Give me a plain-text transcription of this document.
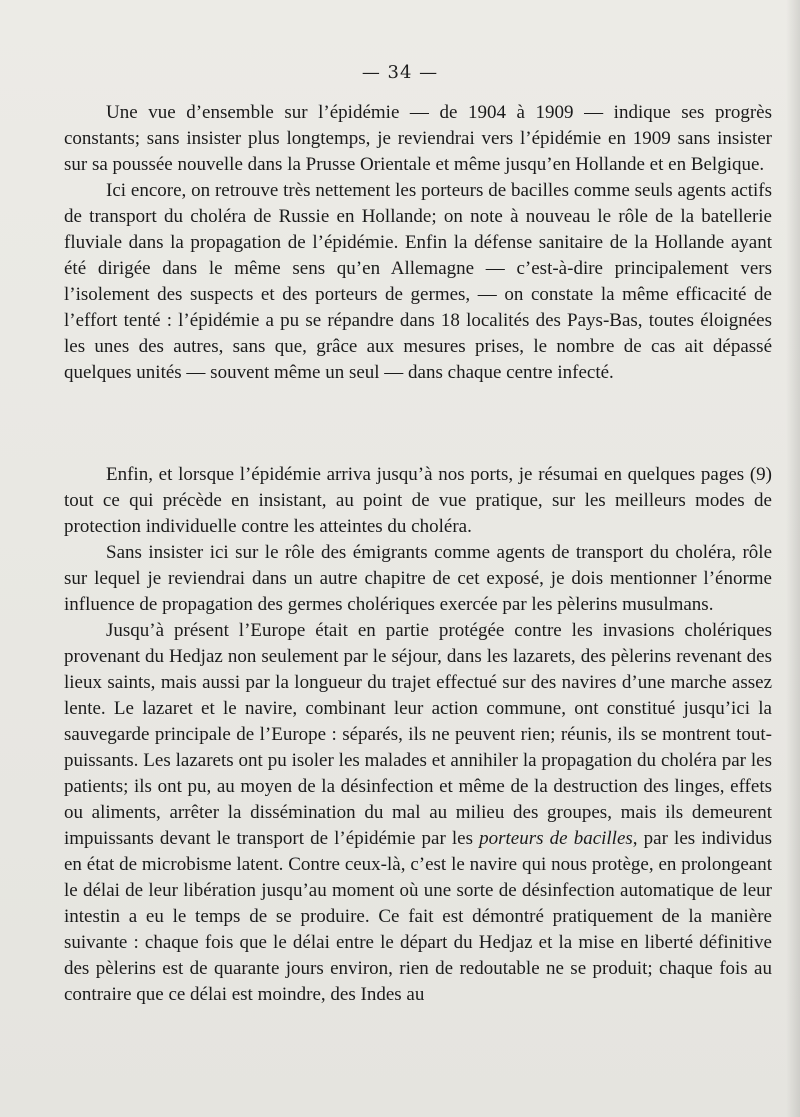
— 34 —

Une vue d’ensemble sur l’épidémie — de 1904 à 1909 — indique ses progrès constants; sans insister plus longtemps, je reviendrai vers l’épidémie en 1909 sans insister sur sa poussée nouvelle dans la Prusse Orientale et même jusqu’en Hollande et en Belgique.

Ici encore, on retrouve très nettement les porteurs de bacilles comme seuls agents actifs de transport du choléra de Russie en Hollande; on note à nouveau le rôle de la batellerie fluviale dans la propagation de l’épidémie. Enfin la défense sanitaire de la Hollande ayant été dirigée dans le même sens qu’en Allemagne — c’est-à-dire principalement vers l’isolement des suspects et des porteurs de germes, — on constate la même efficacité de l’effort tenté : l’épidémie a pu se répandre dans 18 localités des Pays-Bas, toutes éloignées les unes des autres, sans que, grâce aux mesures prises, le nombre de cas ait dépassé quelques unités — souvent même un seul — dans chaque centre infecté.

Enfin, et lorsque l’épidémie arriva jusqu’à nos ports, je résumai en quelques pages (9) tout ce qui précède en insistant, au point de vue pratique, sur les meilleurs modes de protection individuelle contre les atteintes du choléra.

Sans insister ici sur le rôle des émigrants comme agents de transport du choléra, rôle sur lequel je reviendrai dans un autre chapitre de cet exposé, je dois mentionner l’énorme influence de propagation des germes cholériques exercée par les pèlerins musulmans.

Jusqu’à présent l’Europe était en partie protégée contre les invasions cholériques provenant du Hedjaz non seulement par le séjour, dans les lazarets, des pèlerins revenant des lieux saints, mais aussi par la longueur du trajet effectué sur des navires d’une marche assez lente. Le lazaret et le navire, combinant leur action commune, ont constitué jusqu’ici la sauvegarde principale de l’Europe : séparés, ils ne peuvent rien; réunis, ils se montrent tout-puissants. Les lazarets ont pu isoler les malades et annihiler la propagation du choléra par les patients; ils ont pu, au moyen de la désinfection et même de la destruction des linges, effets ou aliments, arrêter la dissémination du mal au milieu des groupes, mais ils demeurent impuissants devant le transport de l’épidémie par les porteurs de bacilles, par les individus en état de microbisme latent. Contre ceux-là, c’est le navire qui nous protège, en prolongeant le délai de leur libération jusqu’au moment où une sorte de désinfection automatique de leur intestin a eu le temps de se produire. Ce fait est démontré pratiquement de la manière suivante : chaque fois que le délai entre le départ du Hedjaz et la mise en liberté définitive des pèlerins est de quarante jours environ, rien de redoutable ne se produit; chaque fois au contraire que ce délai est moindre, des Indes au
